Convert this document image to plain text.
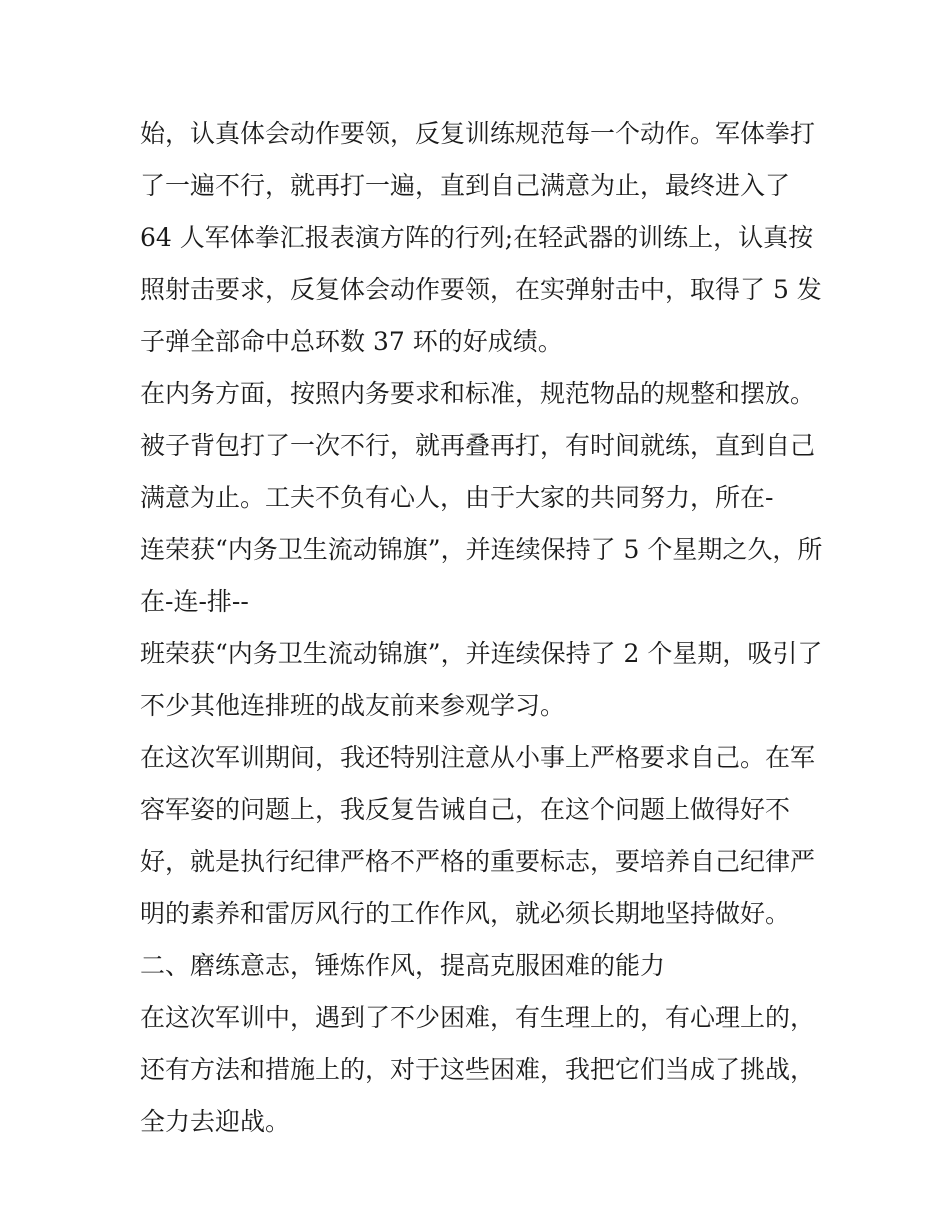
始，认真体会动作要领，反复训练规范每一个动作。军体拳打
了一遍不行，就再打一遍，直到自己满意为止，最终进入了
64 人军体拳汇报表演方阵的行列;在轻武器的训练上，认真按
照射击要求，反复体会动作要领，在实弹射击中，取得了 5 发
子弹全部命中总环数 37 环的好成绩。
在内务方面，按照内务要求和标准，规范物品的规整和摆放。
被子背包打了一次不行，就再叠再打，有时间就练，直到自己
满意为止。工夫不负有心人，由于大家的共同努力，所在-
连荣获“内务卫生流动锦旗”，并连续保持了 5 个星期之久，所
在-连-排--
班荣获“内务卫生流动锦旗”，并连续保持了 2 个星期，吸引了
不少其他连排班的战友前来参观学习。
在这次军训期间，我还特别注意从小事上严格要求自己。在军
容军姿的问题上，我反复告诫自己，在这个问题上做得好不
好，就是执行纪律严格不严格的重要标志，要培养自己纪律严
明的素养和雷厉风行的工作作风，就必须长期地坚持做好。
二、磨练意志，锤炼作风，提高克服困难的能力
在这次军训中，遇到了不少困难，有生理上的，有心理上的，
还有方法和措施上的，对于这些困难，我把它们当成了挑战，
全力去迎战。
